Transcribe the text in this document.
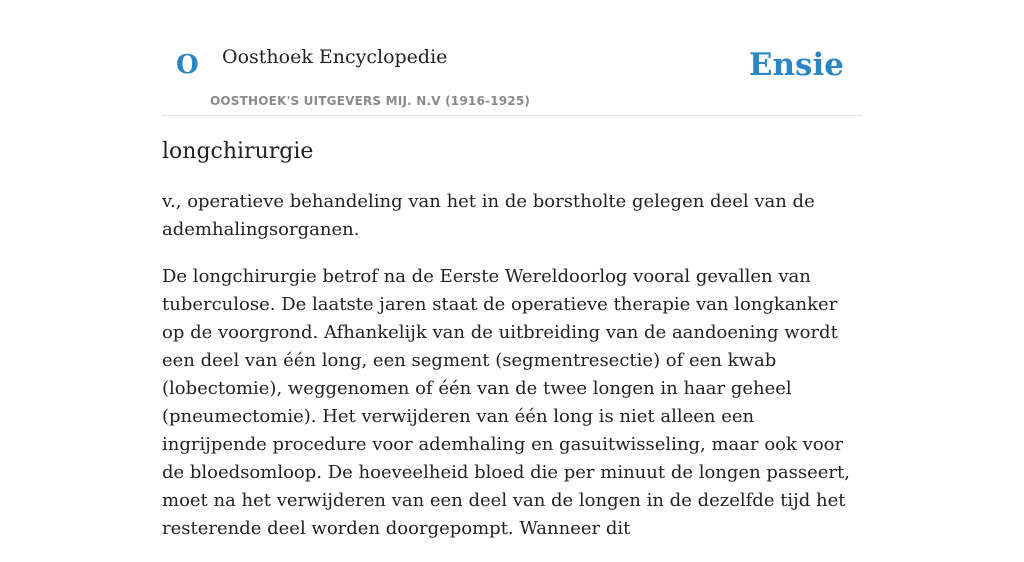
O Oosthoek Encyclopedie
OOSTHOEK'S UITGEVERS MIJ. N.V (1916-1925)
Ensie
longchirurgie

v., operatieve behandeling van het in de borstholte gelegen deel van de ademhalingsorganen.

De longchirurgie betrof na de Eerste Wereldoorlog vooral gevallen van tuberculose. De laatste jaren staat de operatieve therapie van longkanker op de voorgrond. Afhankelijk van de uitbreiding van de aandoening wordt een deel van één long, een segment (segmentresectie) of een kwab (lobectomie), weggenomen of één van de twee longen in haar geheel (pneumectomie). Het verwijderen van één long is niet alleen een ingrijpende procedure voor ademhaling en gasuitwisseling, maar ook voor de bloedsomloop. De hoeveelheid bloed die per minuut de longen passeert, moet na het verwijderen van een deel van de longen in de dezelfde tijd het resterende deel worden doorgepompt. Wanneer dit
